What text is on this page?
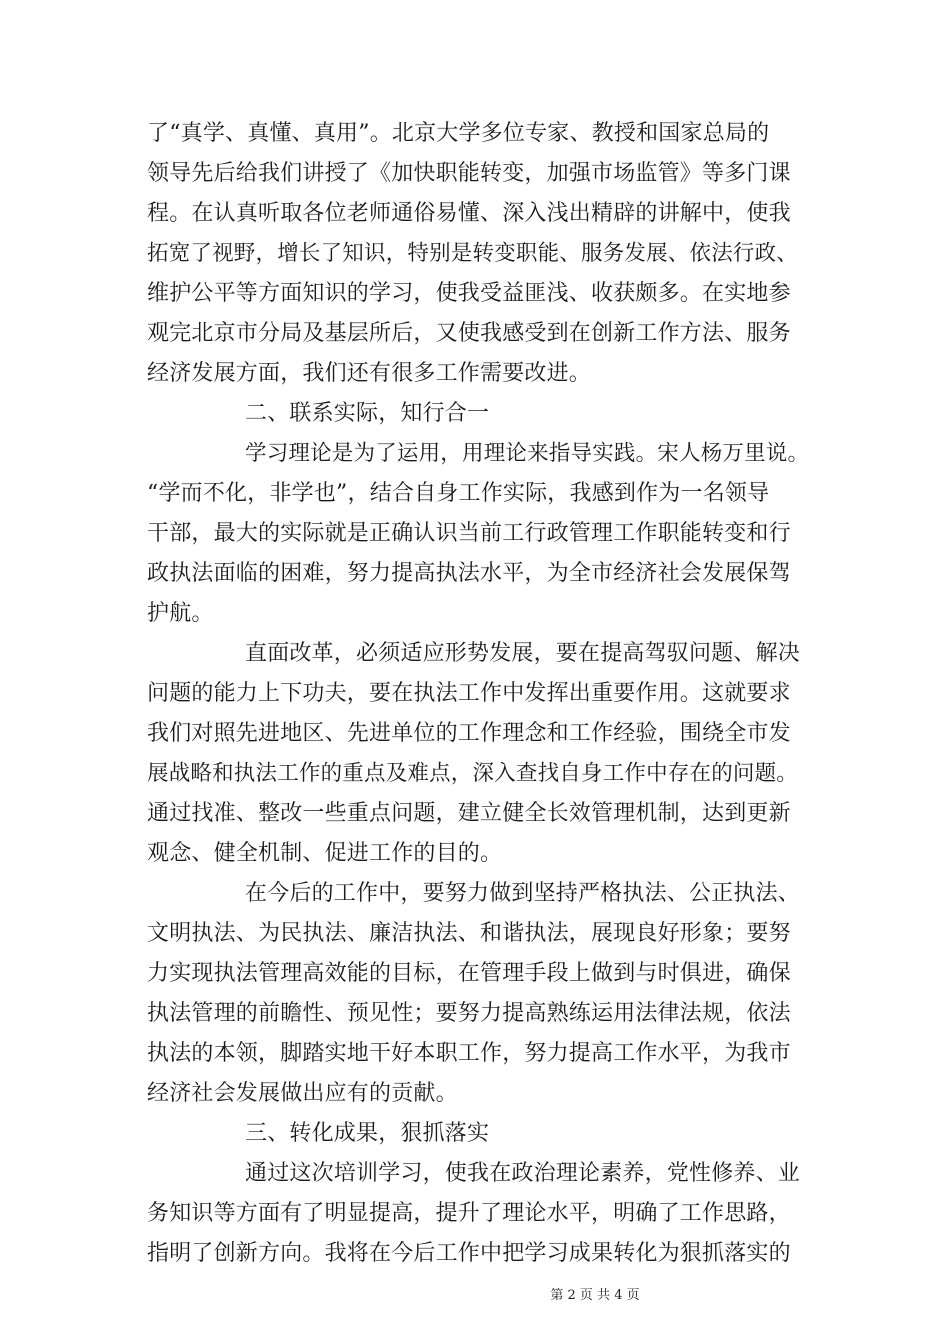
了“真学、真懂、真用”。北京大学多位专家、教授和国家总局的
领导先后给我们讲授了《加快职能转变，加强市场监管》等多门课
程。在认真听取各位老师通俗易懂、深入浅出精辟的讲解中，使我
拓宽了视野，增长了知识，特别是转变职能、服务发展、依法行政、
维护公平等方面知识的学习，使我受益匪浅、收获颇多。在实地参
观完北京市分局及基层所后，又使我感受到在创新工作方法、服务
经济发展方面，我们还有很多工作需要改进。
二、联系实际，知行合一
学习理论是为了运用，用理论来指导实践。宋人杨万里说。
“学而不化，非学也”，结合自身工作实际，我感到作为一名领导
干部，最大的实际就是正确认识当前工行政管理工作职能转变和行
政执法面临的困难，努力提高执法水平，为全市经济社会发展保驾
护航。
直面改革，必须适应形势发展，要在提高驾驭问题、解决
问题的能力上下功夫，要在执法工作中发挥出重要作用。这就要求
我们对照先进地区、先进单位的工作理念和工作经验，围绕全市发
展战略和执法工作的重点及难点，深入查找自身工作中存在的问题。
通过找准、整改一些重点问题，建立健全长效管理机制，达到更新
观念、健全机制、促进工作的目的。
在今后的工作中，要努力做到坚持严格执法、公正执法、
文明执法、为民执法、廉洁执法、和谐执法，展现良好形象；要努
力实现执法管理高效能的目标，在管理手段上做到与时俱进，确保
执法管理的前瞻性、预见性；要努力提高熟练运用法律法规，依法
执法的本领，脚踏实地干好本职工作，努力提高工作水平，为我市
经济社会发展做出应有的贡献。
三、转化成果，狠抓落实
通过这次培训学习，使我在政治理论素养，党性修养、业
务知识等方面有了明显提高，提升了理论水平，明确了工作思路，
指明了创新方向。我将在今后工作中把学习成果转化为狠抓落实的
第 2 页 共 4 页
